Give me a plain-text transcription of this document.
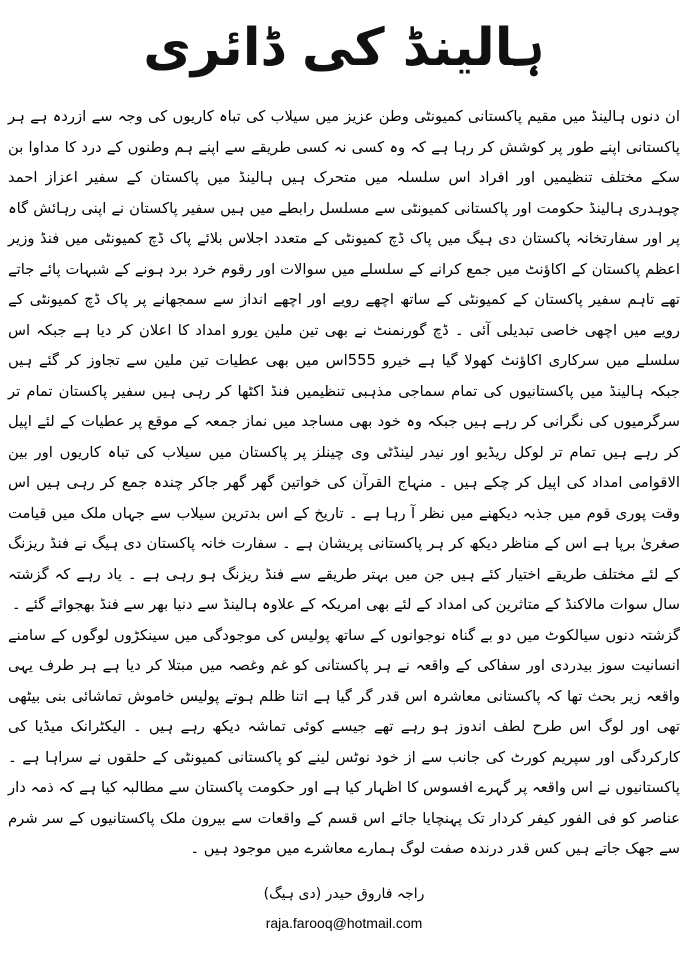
ہالینڈ کی ڈائری

ان دنوں ہالینڈ میں مقیم پاکستانی کمیونٹی وطن عزیز میں سیلاب کی تباہ کاریوں کی وجہ سے ازردہ ہے ہر پاکستانی اپنے طور پر کوشش کر رہا ہے کہ وہ کسی نہ کسی طریقے سے اپنے ہم وطنوں کے درد کا مداوا بن سکے مختلف تنظیمیں اور افراد اس سلسلہ میں متحرک ہیں ہالینڈ میں پاکستان کے سفیر اعزاز احمد چوہدری ہالینڈ حکومت اور پاکستانی کمیونٹی سے مسلسل رابطے میں ہیں سفیر پاکستان نے اپنی رہائش گاہ پر اور سفارتخانہ پاکستان دی ہیگ میں پاک ڈچ کمیونٹی کے متعدد اجلاس بلائے پاک ڈچ کمیونٹی میں فنڈ وزیر اعظم پاکستان کے اکاؤنٹ میں جمع کرانے کے سلسلے میں سوالات اور رقوم خرد برد ہونے کے شبہات پائے جاتے تھے تاہم سفیر پاکستان کے کمیونٹی کے ساتھ اچھے رویے اور اچھے انداز سے سمجھانے پر پاک ڈچ کمیونٹی کے رویے میں اچھی خاصی تبدیلی آئی ۔ ڈچ گورنمنٹ نے بھی تین ملین یورو امداد کا اعلان کر دیا ہے جبکہ اس سلسلے میں سرکاری اکاؤنٹ کھولا گیا ہے خیرو 555اس میں بھی عطیات تین ملین سے تجاوز کر گئے ہیں جبکہ ہالینڈ میں پاکستانیوں کی تمام سماجی مذہبی تنظیمیں فنڈ اکٹھا کر رہی ہیں سفیر پاکستان تمام تر سرگرمیوں کی نگرانی کر رہے ہیں جبکہ وہ خود بھی مساجد میں نماز جمعہ کے موقع پر عطیات کے لئے اپیل کر رہے ہیں تمام تر لوکل ریڈیو اور نیدر لینڈٹی وی چینلز پر پاکستان میں سیلاب کی تباہ کاریوں اور بین الاقوامی امداد کی اپیل کر چکے ہیں ۔ منہاج القرآن کی خواتین گھر گھر جاکر چندہ جمع کر رہی ہیں اس وقت پوری قوم میں جذبہ دیکھنے میں نظر آ رہا ہے ۔ تاریخ کے اس بدترین سیلاب سے جہاں ملک میں قیامت صغریٰ برپا ہے اس کے مناظر دیکھ کر ہر پاکستانی پریشان ہے ۔ سفارت خانہ پاکستان دی ہیگ نے فنڈ ریزنگ کے لئے مختلف طریقے اختیار کئے ہیں جن میں بہتر طریقے سے فنڈ ریزنگ ہو رہی ہے ۔ یاد رہے کہ گزشتہ سال سوات مالاکنڈ کے متاثرین کی امداد کے لئے بھی امریکہ کے علاوہ ہالینڈ سے دنیا بھر سے فنڈ بھجوائے گئے ۔

گزشتہ دنوں سیالکوٹ میں دو بے گناہ نوجوانوں کے ساتھ پولیس کی موجودگی میں سینکڑوں لوگوں کے سامنے انسانیت سوز بیدردی اور سفاکی کے واقعہ نے ہر پاکستانی کو غم وغصہ میں مبتلا کر دیا ہے ہر طرف یہی واقعہ زیر بحث تھا کہ پاکستانی معاشرہ اس قدر گر گیا ہے اتنا ظلم ہوتے پولیس خاموش تماشائی بنی بیٹھی تھی اور لوگ اس طرح لطف اندوز ہو رہے تھے جیسے کوئی تماشہ دیکھ رہے ہیں ۔ الیکٹرانک میڈیا کی کارکردگی اور سپریم کورٹ کی جانب سے از خود نوٹس لینے کو پاکستانی کمیونٹی کے حلقوں نے سراہا ہے ۔ پاکستانیوں نے اس واقعہ پر گہرے افسوس کا اظہار کیا ہے اور حکومت پاکستان سے مطالبہ کیا ہے کہ ذمہ دار عناصر کو فی الفور کیفر کردار تک پہنچایا جائے اس قسم کے واقعات سے بیرون ملک پاکستانیوں کے سر شرم سے جھک جاتے ہیں کس قدر درندہ صفت لوگ ہمارے معاشرے میں موجود ہیں ۔

راجہ فاروق حیدر (دی ہیگ)
raja.farooq@hotmail.com
